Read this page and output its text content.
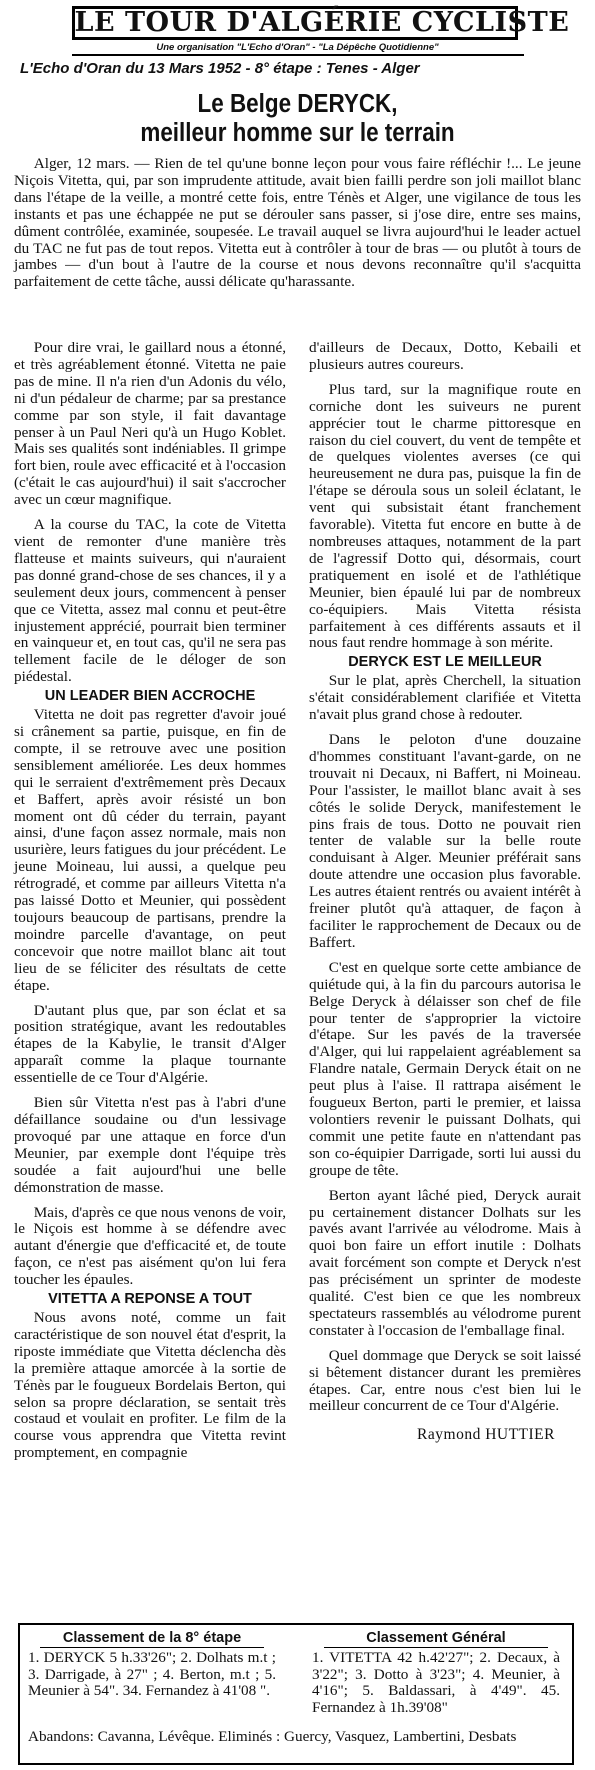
LE TOUR D'ALGÉRIE CYCLISTE
Une organisation "L'Echo d'Oran" - "La Dépêche Quotidienne"
L'Echo d'Oran du 13 Mars 1952 - 8° étape : Tenes - Alger
Le Belge DERYCK,
meilleur homme sur le terrain

Alger, 12 mars. — Rien de tel qu'une bonne leçon pour vous faire réfléchir !... Le jeune Niçois Vitetta, qui, par son imprudente attitude, avait bien failli perdre son joli maillot blanc dans l'étape de la veille, a montré cette fois, entre Ténès et Alger, une vigilance de tous les instants et pas une échappée ne put se dérouler sans passer, si j'ose dire, entre ses mains, dûment contrôlée, examinée, soupesée. Le travail auquel se livra aujourd'hui le leader actuel du TAC ne fut pas de tout repos. Vitetta eut à contrôler à tour de bras — ou plutôt à tours de jambes — d'un bout à l'autre de la course et nous devons reconnaître qu'il s'acquitta parfaitement de cette tâche, aussi délicate qu'harassante.

Pour dire vrai, le gaillard nous a étonné, et très agréablement étonné. Vitetta ne paie pas de mine. Il n'a rien d'un Adonis du vélo, ni d'un pédaleur de charme; par sa prestance comme par son style, il fait davantage penser à un Paul Neri qu'à un Hugo Koblet. Mais ses qualités sont indéniables. Il grimpe fort bien, roule avec efficacité et à l'occasion (c'était le cas aujourd'hui) il sait s'accrocher avec un cœur magnifique.

A la course du TAC, la cote de Vitetta vient de remonter d'une manière très flatteuse et maints suiveurs, qui n'auraient pas donné grand-chose de ses chances, il y a seulement deux jours, commencent à penser que ce Vitetta, assez mal connu et peut-être injustement apprécié, pourrait bien terminer en vainqueur et, en tout cas, qu'il ne sera pas tellement facile de le déloger de son piédestal.

UN LEADER BIEN ACCROCHE

Vitetta ne doit pas regretter d'avoir joué si crânement sa partie, puisque, en fin de compte, il se retrouve avec une position sensiblement améliorée. Les deux hommes qui le serraient d'extrêmement près Decaux et Baffert, après avoir résisté un bon moment ont dû céder du terrain, payant ainsi, d'une façon assez normale, mais non usurière, leurs fatigues du jour précédent. Le jeune Moineau, lui aussi, a quelque peu rétrogradé, et comme par ailleurs Vitetta n'a pas laissé Dotto et Meunier, qui possèdent toujours beaucoup de partisans, prendre la moindre parcelle d'avantage, on peut concevoir que notre maillot blanc ait tout lieu de se féliciter des résultats de cette étape.

D'autant plus que, par son éclat et sa position stratégique, avant les redoutables étapes de la Kabylie, le transit d'Alger apparaît comme la plaque tournante essentielle de ce Tour d'Algérie.

Bien sûr Vitetta n'est pas à l'abri d'une défaillance soudaine ou d'un lessivage provoqué par une attaque en force d'un Meunier, par exemple dont l'équipe très soudée a fait aujourd'hui une belle démonstration de masse.

Mais, d'après ce que nous venons de voir, le Niçois est homme à se défendre avec autant d'énergie que d'efficacité et, de toute façon, ce n'est pas aisément qu'on lui fera toucher les épaules.

VITETTA A REPONSE A TOUT

Nous avons noté, comme un fait caractéristique de son nouvel état d'esprit, la riposte immédiate que Vitetta déclencha dès la première attaque amorcée à la sortie de Ténès par le fougueux Bordelais Berton, qui selon sa propre déclaration, se sentait très costaud et voulait en profiter. Le film de la course vous apprendra que Vitetta revint promptement, en compagnie

d'ailleurs de Decaux, Dotto, Kebaili et plusieurs autres coureurs.

Plus tard, sur la magnifique route en corniche dont les suiveurs ne purent apprécier tout le charme pittoresque en raison du ciel couvert, du vent de tempête et de quelques violentes averses (ce qui heureusement ne dura pas, puisque la fin de l'étape se déroula sous un soleil éclatant, le vent qui subsistait étant franchement favorable). Vitetta fut encore en butte à de nombreuses attaques, notamment de la part de l'agressif Dotto qui, désormais, court pratiquement en isolé et de l'athlétique Meunier, bien épaulé lui par de nombreux co-équipiers. Mais Vitetta résista parfaitement à ces différents assauts et il nous faut rendre hommage à son mérite.

DERYCK EST LE MEILLEUR

Sur le plat, après Cherchell, la situation s'était considérablement clarifiée et Vitetta n'avait plus grand chose à redouter.

Dans le peloton d'une douzaine d'hommes constituant l'avant-garde, on ne trouvait ni Decaux, ni Baffert, ni Moineau. Pour l'assister, le maillot blanc avait à ses côtés le solide Deryck, manifestement le pins frais de tous. Dotto ne pouvait rien tenter de valable sur la belle route conduisant à Alger. Meunier préférait sans doute attendre une occasion plus favorable. Les autres étaient rentrés ou avaient intérêt à freiner plutôt qu'à attaquer, de façon à faciliter le rapprochement de Decaux ou de Baffert.

C'est en quelque sorte cette ambiance de quiétude qui, à la fin du parcours autorisa le Belge Deryck à délaisser son chef de file pour tenter de s'approprier la victoire d'étape. Sur les pavés de la traversée d'Alger, qui lui rappelaient agréablement sa Flandre natale, Germain Deryck était on ne peut plus à l'aise. Il rattrapa aisément le fougueux Berton, parti le premier, et laissa volontiers revenir le puissant Dolhats, qui commit une petite faute en n'attendant pas son co-équipier Darrigade, sorti lui aussi du groupe de tête.

Berton ayant lâché pied, Deryck aurait pu certainement distancer Dolhats sur les pavés avant l'arrivée au vélodrome. Mais à quoi bon faire un effort inutile : Dolhats avait forcément son compte et Deryck n'est pas précisément un sprinter de modeste qualité. C'est bien ce que les nombreux spectateurs rassemblés au vélodrome purent constater à l'occasion de l'emballage final.

Quel dommage que Deryck se soit laissé si bêtement distancer durant les premières étapes. Car, entre nous c'est bien lui le meilleur concurrent de ce Tour d'Algérie.

Raymond HUTTIER
Classement de la 8° étape
1. DERYCK 5 h.33'26"; 2. Dolhats m.t ; 3. Darrigade, à 27" ; 4. Berton, m.t ; 5. Meunier à 54". 34. Fernandez à 41'08 ".
Classement Général
1. VITETTA 42 h.42'27"; 2. Decaux, à 3'22"; 3. Dotto à 3'23"; 4. Meunier, à 4'16"; 5. Baldassari, à 4'49". 45. Fernandez à 1h.39'08"
Abandons: Cavanna, Lévêque. Eliminés : Guercy, Vasquez, Lambertini, Desbats
